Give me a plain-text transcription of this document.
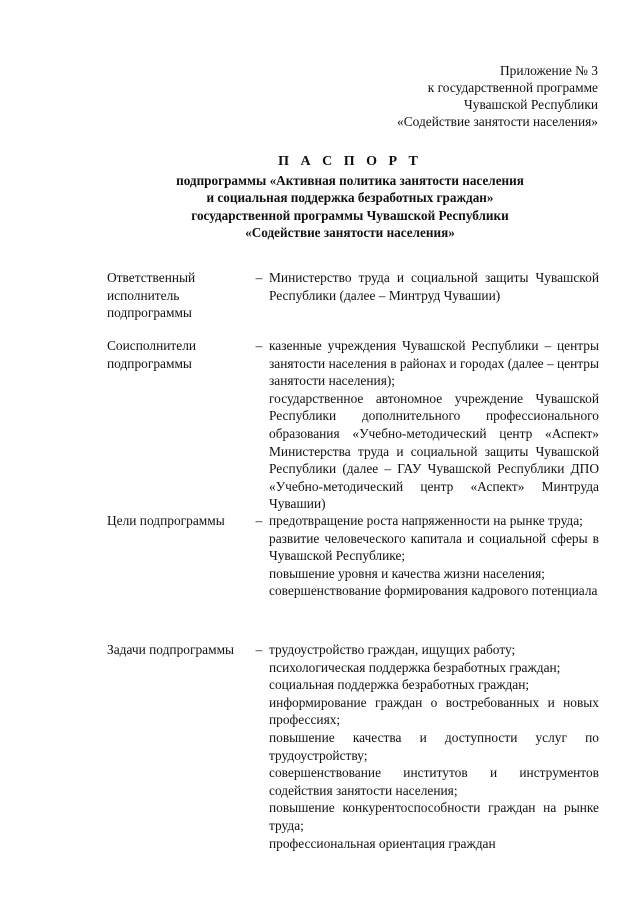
Приложение № 3
к государственной программе
Чувашской Республики
«Содействие занятости населения»
П А С П О Р Т
подпрограммы «Активная политика занятости населения
и социальная поддержка безработных граждан»
государственной программы Чувашской Республики
«Содействие занятости населения»
Ответственный исполнитель подпрограммы
– Министерство труда и социальной защиты Чувашской Республики (далее – Минтруд Чувашии)

Соисполнители подпрограммы
– казенные учреждения Чувашской Республики – центры занятости населения в районах и городах (далее – центры занятости населения);

государственное автономное учреждение Чувашской Республики дополнительного профессионального образования «Учебно-методический центр «Аспект» Министерства труда и социальной защиты Чувашской Республики (далее – ГАУ Чувашской Республики ДПО «Учебно-методический центр «Аспект» Минтруда Чувашии)

Цели подпрограммы	– предотвращение роста напряженности на рынке труда;

развитие человеческого капитала и социальной сферы в Чувашской Республике;

повышение уровня и качества жизни населения;

совершенствование формирования кадрового потенциала

Задачи подпрограммы	– трудоустройство граждан, ищущих работу;

психологическая поддержка безработных граждан;

социальная поддержка безработных граждан;

информирование граждан о востребованных и новых профессиях;

повышение качества и доступности услуг по трудоустройству;

совершенствование институтов и инструментов содействия занятости населения;

повышение конкурентоспособности граждан на рынке труда;

профессиональная ориентация граждан
